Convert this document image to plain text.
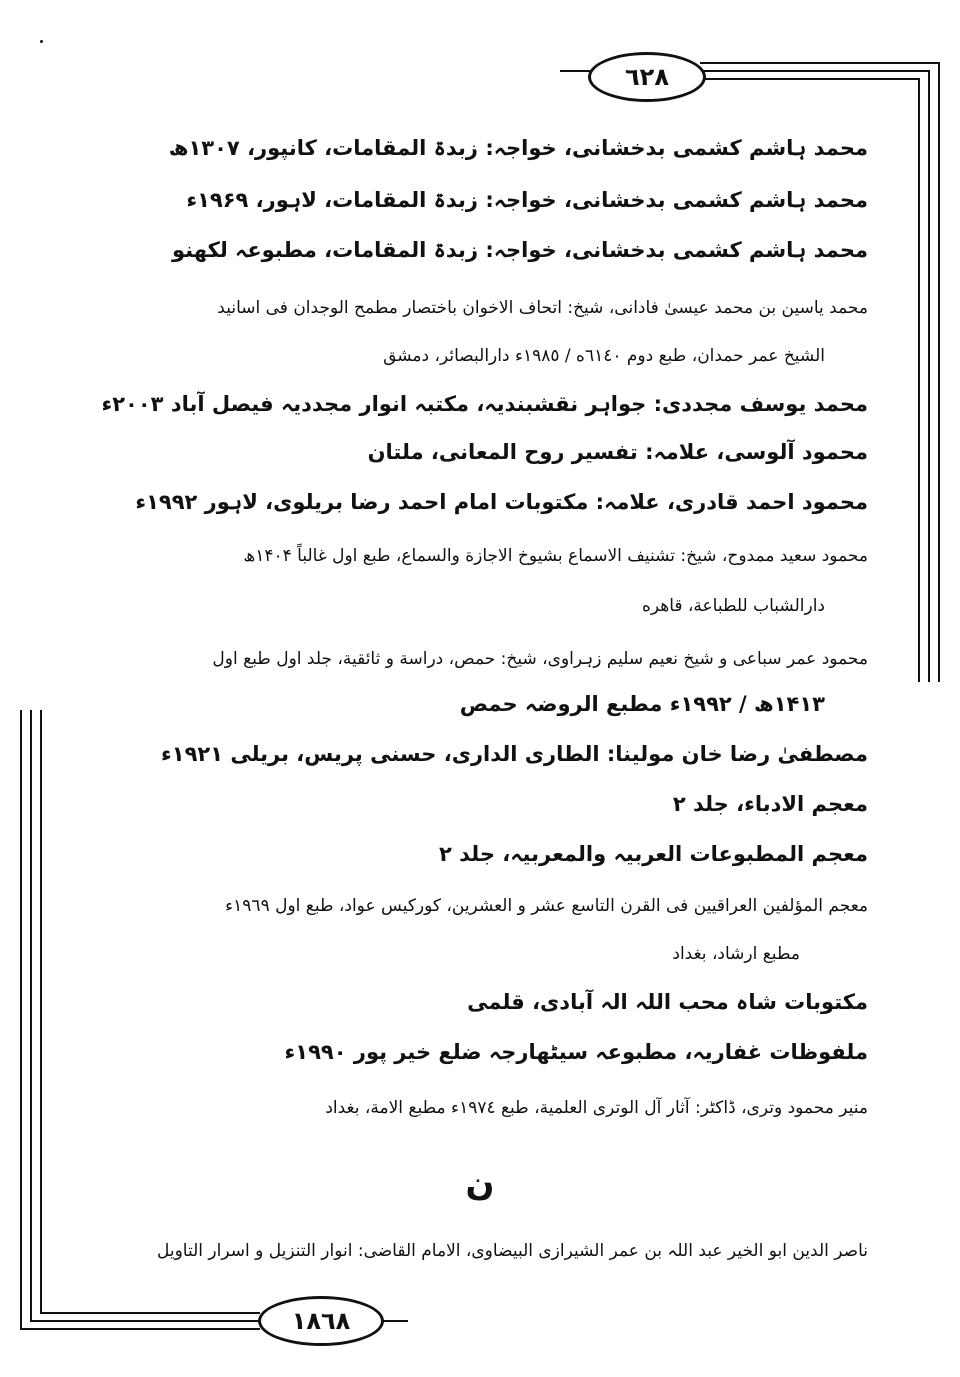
٦٢٨
١٨٦٨
محمد ہاشم کشمی بدخشانی، خواجہ: زبدۃ المقامات، کانپور، ۱۳۰۷ھ
محمد ہاشم کشمی بدخشانی، خواجہ: زبدۃ المقامات، لاہور، ۱۹۶۹ء
محمد ہاشم کشمی بدخشانی، خواجہ: زبدۃ المقامات، مطبوعہ لکھنو
محمد یاسین بن محمد عیسیٰ فادانی، شیخ: اتحاف الاخوان باختصار مطمح الوجدان فی اسانید
الشیخ عمر حمدان، طبع دوم ٦١٤٠ه / ١٩٨٥ء دارالبصائر، دمشق
محمد یوسف مجددی: جواہر نقشبندیہ، مکتبہ انوار مجددیہ فیصل آباد ۲۰۰۳ء
محمود آلوسی، علامہ: تفسیر روح المعانی، ملتان
محمود احمد قادری، علامہ: مکتوبات امام احمد رضا بریلوی، لاہور ۱۹۹۲ء
محمود سعید ممدوح، شیخ: تشنیف الاسماع بشیوخ الاجازة والسماع، طبع اول غالباً ۱۴۰۴ھ
دارالشباب للطباعة، قاهره
محمود عمر سباعی و شیخ نعیم سلیم زہراوی، شیخ: حمص، دراسة و ثائقية، جلد اول طبع اول
۱۴۱۳ھ / ۱۹۹۲ء مطبع الروضہ حمص
مصطفیٰ رضا خان مولینا: الطاری الداری، حسنی پریس، بریلی ۱۹۲۱ء
معجم الادباء، جلد ۲
معجم المطبوعات العربیہ والمعربیہ، جلد ۲
معجم المؤلفین العراقیین فی القرن التاسع عشر و العشرین، کورکیس عواد، طبع اول ١٩٦٩ء
مطبع ارشاد، بغداد
مکتوبات شاہ محب اللہ الہ آبادی، قلمی
ملفوظات غفاریہ، مطبوعہ سیٹھارجہ ضلع خیر پور ۱۹۹۰ء
منیر محمود وتری، ڈاکٹر: آثار آل الوتری العلمیة، طبع ١٩٧٤ء مطبع الامة، بغداد
ن
ناصر الدین ابو الخیر عبد اللہ بن عمر الشیرازی البیضاوی، الامام القاضی: انوار التنزیل و اسرار التاویل
